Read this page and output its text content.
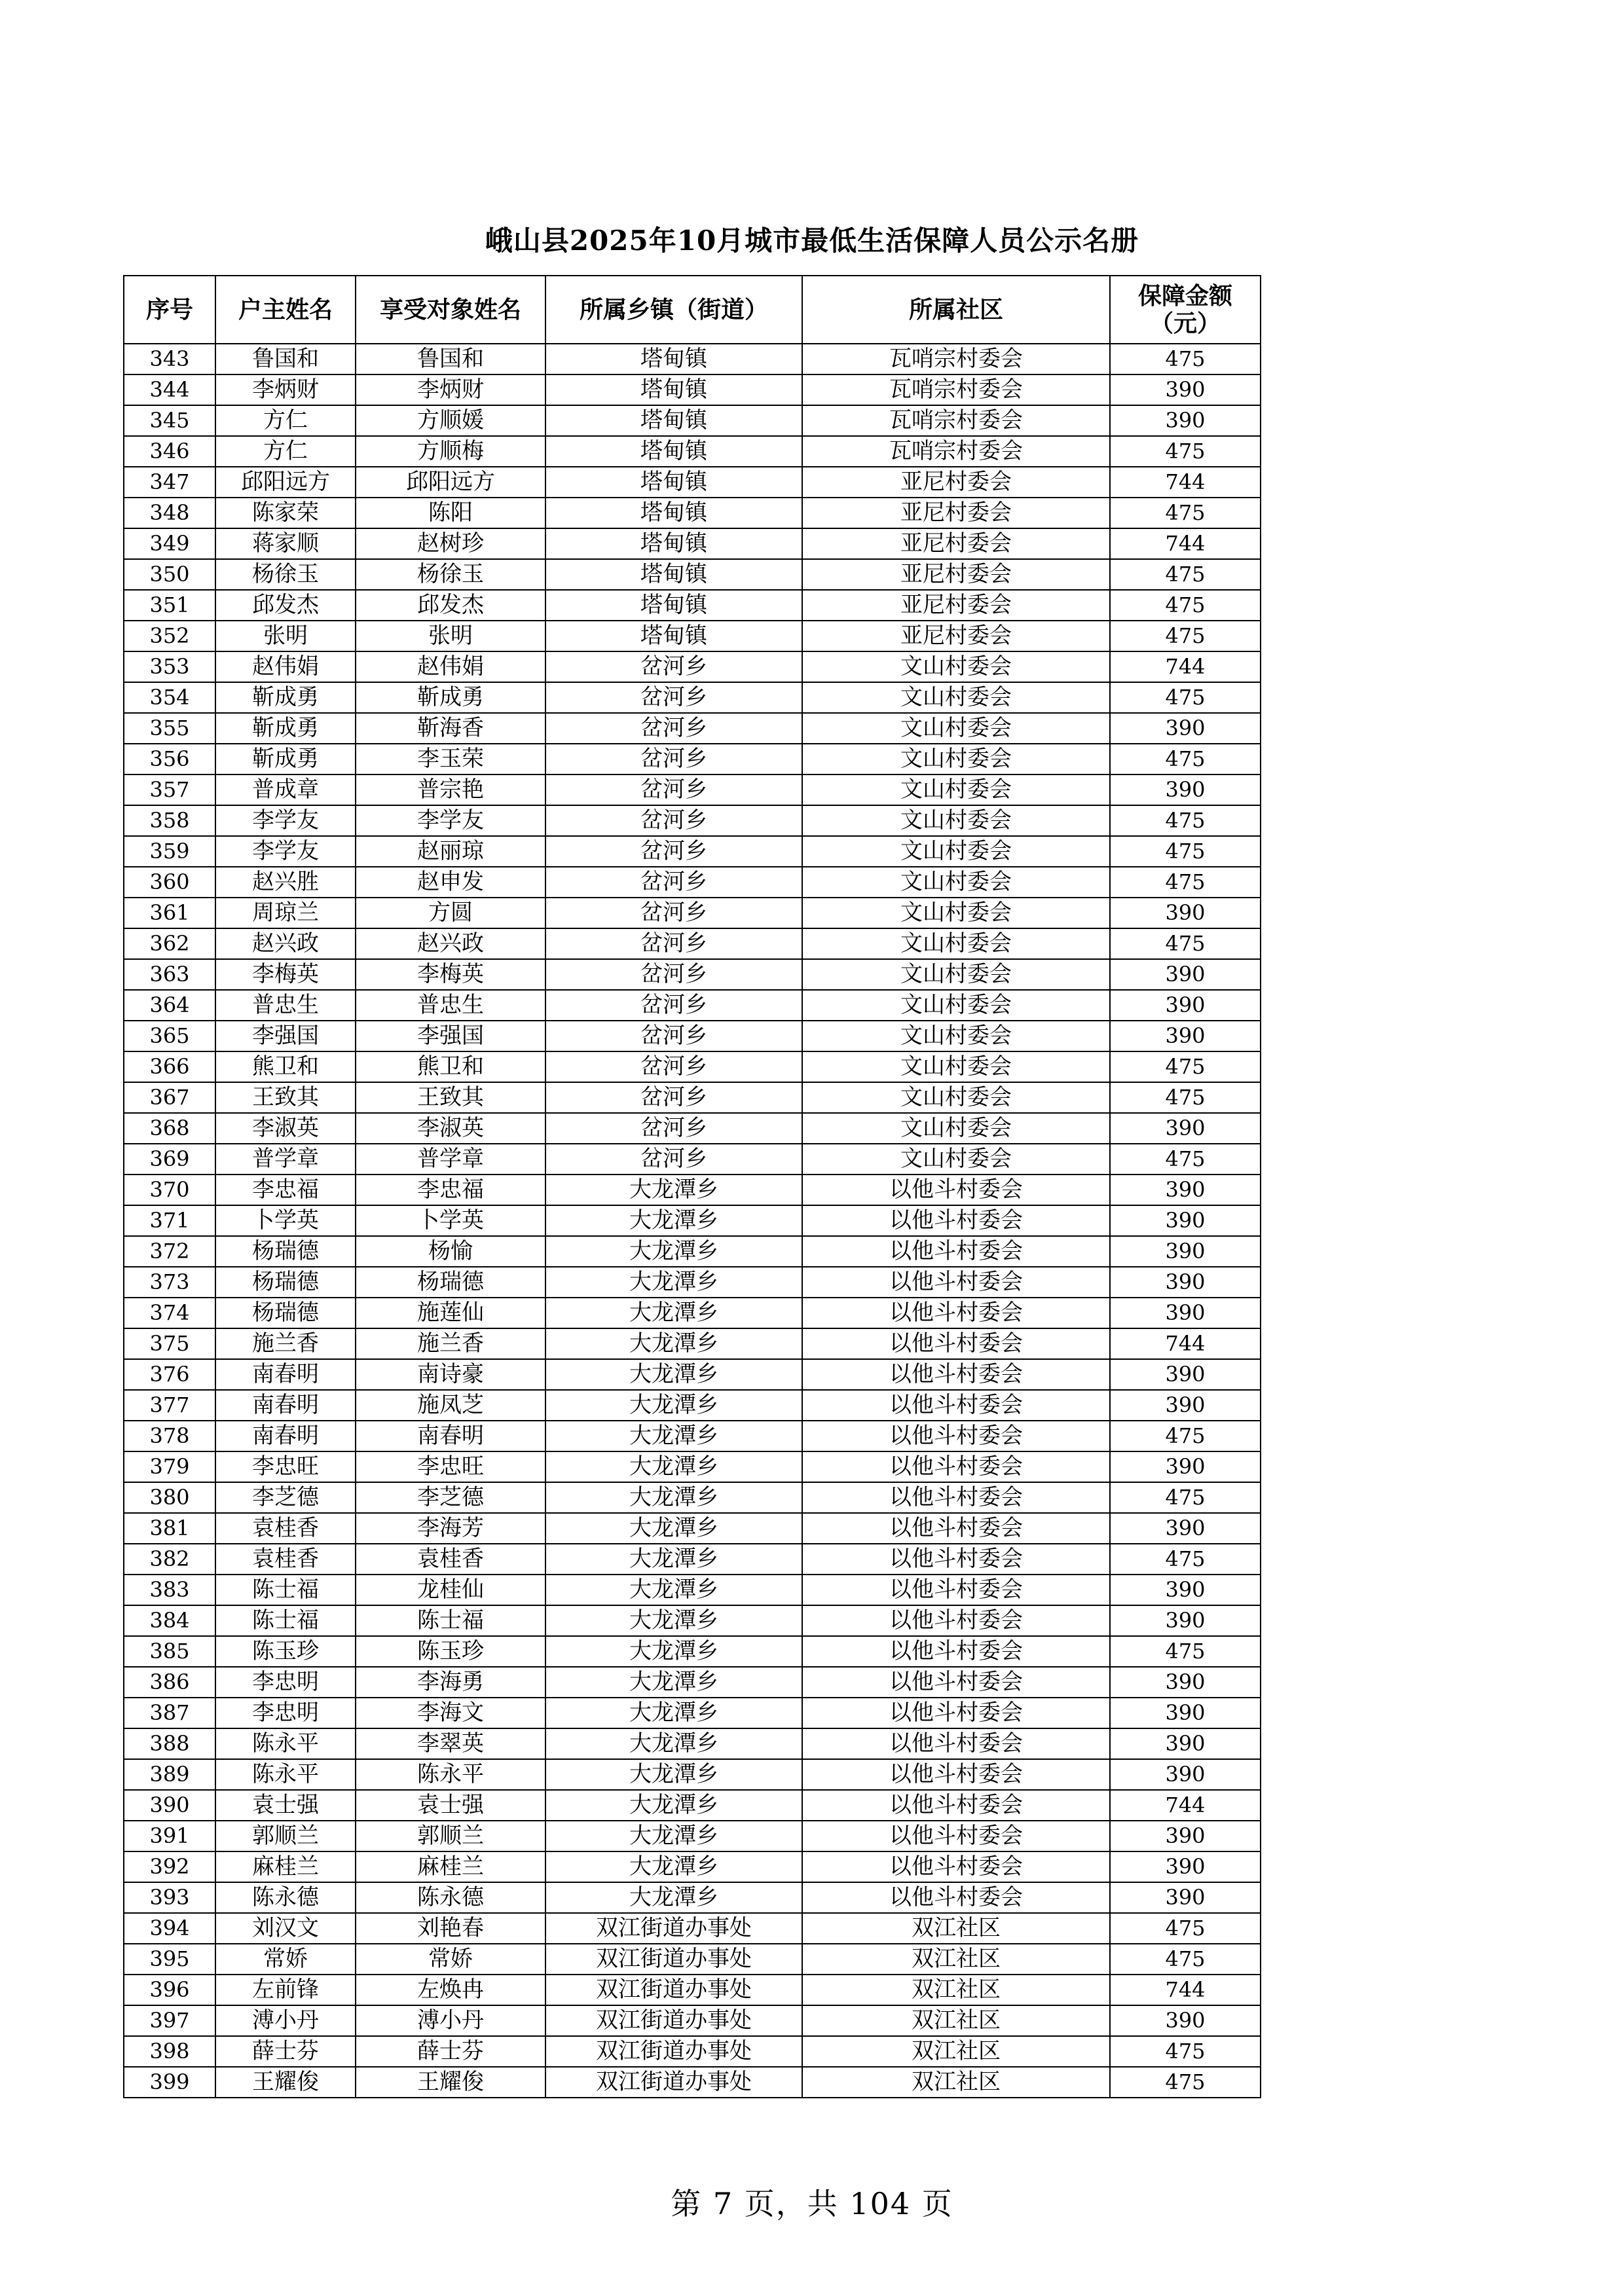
峨山县2025年10月城市最低生活保障人员公示名册
序号	户主姓名	享受对象姓名	所属乡镇（街道）	所属社区	保障金额（元）
343	鲁国和	鲁国和	塔甸镇	瓦哨宗村委会	475
344	李炳财	李炳财	塔甸镇	瓦哨宗村委会	390
345	方仁	方顺媛	塔甸镇	瓦哨宗村委会	390
346	方仁	方顺梅	塔甸镇	瓦哨宗村委会	475
347	邱阳远方	邱阳远方	塔甸镇	亚尼村委会	744
348	陈家荣	陈阳	塔甸镇	亚尼村委会	475
349	蒋家顺	赵树珍	塔甸镇	亚尼村委会	744
350	杨徐玉	杨徐玉	塔甸镇	亚尼村委会	475
351	邱发杰	邱发杰	塔甸镇	亚尼村委会	475
352	张明	张明	塔甸镇	亚尼村委会	475
353	赵伟娟	赵伟娟	岔河乡	文山村委会	744
354	靳成勇	靳成勇	岔河乡	文山村委会	475
355	靳成勇	靳海香	岔河乡	文山村委会	390
356	靳成勇	李玉荣	岔河乡	文山村委会	475
357	普成章	普宗艳	岔河乡	文山村委会	390
358	李学友	李学友	岔河乡	文山村委会	475
359	李学友	赵丽琼	岔河乡	文山村委会	475
360	赵兴胜	赵申发	岔河乡	文山村委会	475
361	周琼兰	方圆	岔河乡	文山村委会	390
362	赵兴政	赵兴政	岔河乡	文山村委会	475
363	李梅英	李梅英	岔河乡	文山村委会	390
364	普忠生	普忠生	岔河乡	文山村委会	390
365	李强国	李强国	岔河乡	文山村委会	390
366	熊卫和	熊卫和	岔河乡	文山村委会	475
367	王致其	王致其	岔河乡	文山村委会	475
368	李淑英	李淑英	岔河乡	文山村委会	390
369	普学章	普学章	岔河乡	文山村委会	475
370	李忠福	李忠福	大龙潭乡	以他斗村委会	390
371	卜学英	卜学英	大龙潭乡	以他斗村委会	390
372	杨瑞德	杨愉	大龙潭乡	以他斗村委会	390
373	杨瑞德	杨瑞德	大龙潭乡	以他斗村委会	390
374	杨瑞德	施莲仙	大龙潭乡	以他斗村委会	390
375	施兰香	施兰香	大龙潭乡	以他斗村委会	744
376	南春明	南诗豪	大龙潭乡	以他斗村委会	390
377	南春明	施凤芝	大龙潭乡	以他斗村委会	390
378	南春明	南春明	大龙潭乡	以他斗村委会	475
379	李忠旺	李忠旺	大龙潭乡	以他斗村委会	390
380	李芝德	李芝德	大龙潭乡	以他斗村委会	475
381	袁桂香	李海芳	大龙潭乡	以他斗村委会	390
382	袁桂香	袁桂香	大龙潭乡	以他斗村委会	475
383	陈士福	龙桂仙	大龙潭乡	以他斗村委会	390
384	陈士福	陈士福	大龙潭乡	以他斗村委会	390
385	陈玉珍	陈玉珍	大龙潭乡	以他斗村委会	475
386	李忠明	李海勇	大龙潭乡	以他斗村委会	390
387	李忠明	李海文	大龙潭乡	以他斗村委会	390
388	陈永平	李翠英	大龙潭乡	以他斗村委会	390
389	陈永平	陈永平	大龙潭乡	以他斗村委会	390
390	袁士强	袁士强	大龙潭乡	以他斗村委会	744
391	郭顺兰	郭顺兰	大龙潭乡	以他斗村委会	390
392	麻桂兰	麻桂兰	大龙潭乡	以他斗村委会	390
393	陈永德	陈永德	大龙潭乡	以他斗村委会	390
394	刘汉文	刘艳春	双江街道办事处	双江社区	475
395	常娇	常娇	双江街道办事处	双江社区	475
396	左前锋	左焕冉	双江街道办事处	双江社区	744
397	溥小丹	溥小丹	双江街道办事处	双江社区	390
398	薛士芬	薛士芬	双江街道办事处	双江社区	475
399	王耀俊	王耀俊	双江街道办事处	双江社区	475
第 7 页，共 104 页
